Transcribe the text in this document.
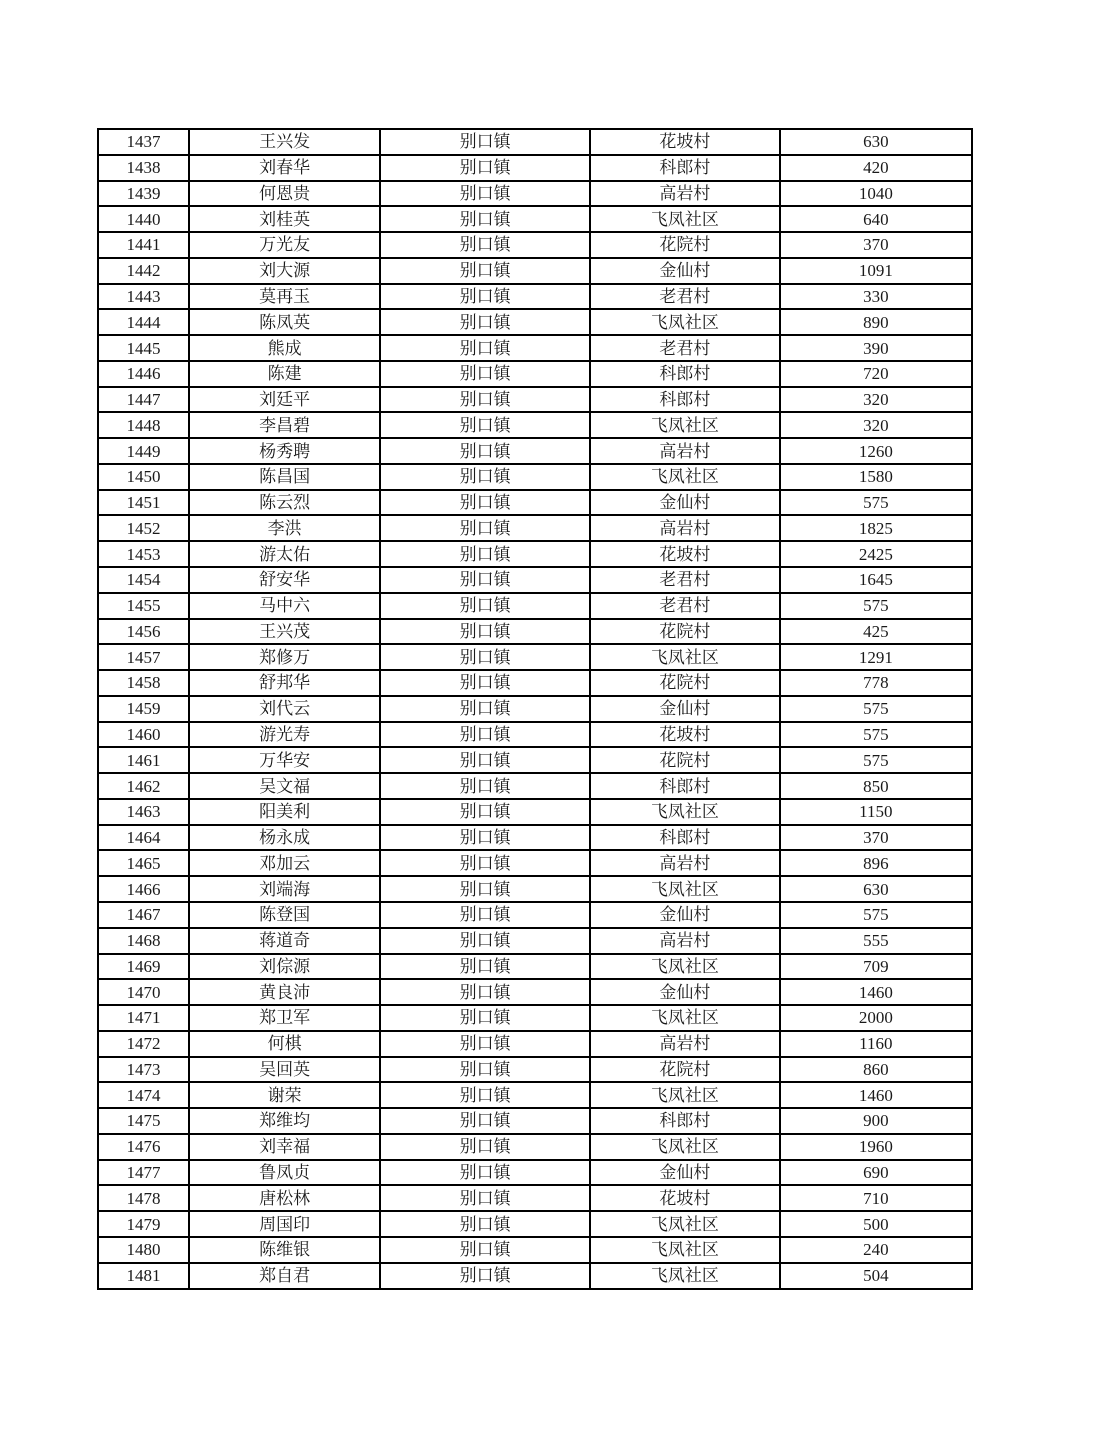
1437	王兴发	别口镇	花坡村	630
1438	刘春华	别口镇	科郎村	420
1439	何恩贵	别口镇	高岩村	1040
1440	刘桂英	别口镇	飞凤社区	640
1441	万光友	别口镇	花院村	370
1442	刘大源	别口镇	金仙村	1091
1443	莫再玉	别口镇	老君村	330
1444	陈凤英	别口镇	飞凤社区	890
1445	熊成	别口镇	老君村	390
1446	陈建	别口镇	科郎村	720
1447	刘廷平	别口镇	科郎村	320
1448	李昌碧	别口镇	飞凤社区	320
1449	杨秀聘	别口镇	高岩村	1260
1450	陈昌国	别口镇	飞凤社区	1580
1451	陈云烈	别口镇	金仙村	575
1452	李洪	别口镇	高岩村	1825
1453	游太佑	别口镇	花坡村	2425
1454	舒安华	别口镇	老君村	1645
1455	马中六	别口镇	老君村	575
1456	王兴茂	别口镇	花院村	425
1457	郑修万	别口镇	飞凤社区	1291
1458	舒邦华	别口镇	花院村	778
1459	刘代云	别口镇	金仙村	575
1460	游光寿	别口镇	花坡村	575
1461	万华安	别口镇	花院村	575
1462	吴文福	别口镇	科郎村	850
1463	阳美利	别口镇	飞凤社区	1150
1464	杨永成	别口镇	科郎村	370
1465	邓加云	别口镇	高岩村	896
1466	刘端海	别口镇	飞凤社区	630
1467	陈登国	别口镇	金仙村	575
1468	蒋道奇	别口镇	高岩村	555
1469	刘倧源	别口镇	飞凤社区	709
1470	黄良沛	别口镇	金仙村	1460
1471	郑卫军	别口镇	飞凤社区	2000
1472	何棋	别口镇	高岩村	1160
1473	吴回英	别口镇	花院村	860
1474	谢荣	别口镇	飞凤社区	1460
1475	郑维均	别口镇	科郎村	900
1476	刘幸福	别口镇	飞凤社区	1960
1477	鲁凤贞	别口镇	金仙村	690
1478	唐松林	别口镇	花坡村	710
1479	周国印	别口镇	飞凤社区	500
1480	陈维银	别口镇	飞凤社区	240
1481	郑自君	别口镇	飞凤社区	504
